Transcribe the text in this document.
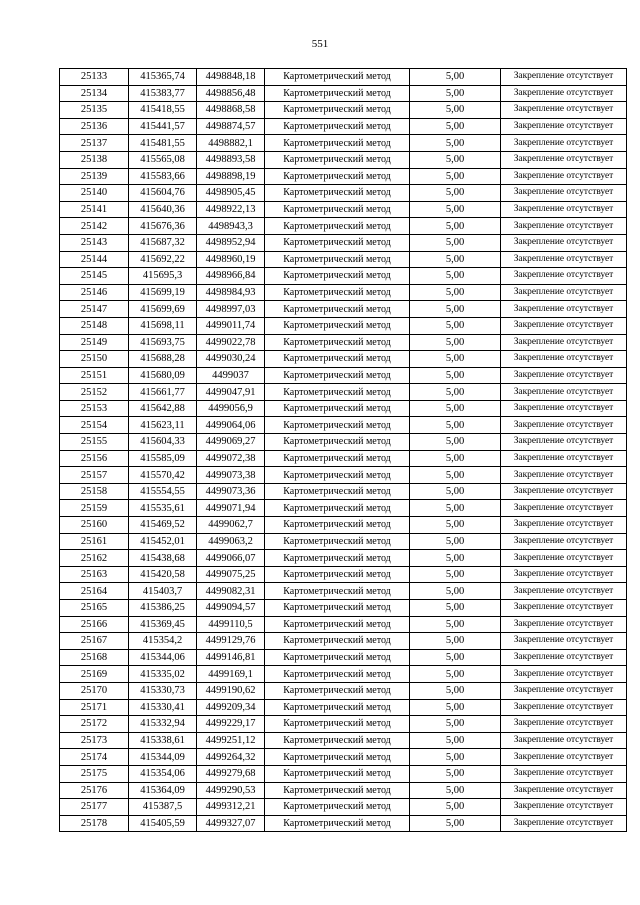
551
25133	415365,74	4498848,18	Картометрический метод	5,00	Закрепление отсутствует
25134	415383,77	4498856,48	Картометрический метод	5,00	Закрепление отсутствует
25135	415418,55	4498868,58	Картометрический метод	5,00	Закрепление отсутствует
25136	415441,57	4498874,57	Картометрический метод	5,00	Закрепление отсутствует
25137	415481,55	4498882,1	Картометрический метод	5,00	Закрепление отсутствует
25138	415565,08	4498893,58	Картометрический метод	5,00	Закрепление отсутствует
25139	415583,66	4498898,19	Картометрический метод	5,00	Закрепление отсутствует
25140	415604,76	4498905,45	Картометрический метод	5,00	Закрепление отсутствует
25141	415640,36	4498922,13	Картометрический метод	5,00	Закрепление отсутствует
25142	415676,36	4498943,3	Картометрический метод	5,00	Закрепление отсутствует
25143	415687,32	4498952,94	Картометрический метод	5,00	Закрепление отсутствует
25144	415692,22	4498960,19	Картометрический метод	5,00	Закрепление отсутствует
25145	415695,3	4498966,84	Картометрический метод	5,00	Закрепление отсутствует
25146	415699,19	4498984,93	Картометрический метод	5,00	Закрепление отсутствует
25147	415699,69	4498997,03	Картометрический метод	5,00	Закрепление отсутствует
25148	415698,11	4499011,74	Картометрический метод	5,00	Закрепление отсутствует
25149	415693,75	4499022,78	Картометрический метод	5,00	Закрепление отсутствует
25150	415688,28	4499030,24	Картометрический метод	5,00	Закрепление отсутствует
25151	415680,09	4499037	Картометрический метод	5,00	Закрепление отсутствует
25152	415661,77	4499047,91	Картометрический метод	5,00	Закрепление отсутствует
25153	415642,88	4499056,9	Картометрический метод	5,00	Закрепление отсутствует
25154	415623,11	4499064,06	Картометрический метод	5,00	Закрепление отсутствует
25155	415604,33	4499069,27	Картометрический метод	5,00	Закрепление отсутствует
25156	415585,09	4499072,38	Картометрический метод	5,00	Закрепление отсутствует
25157	415570,42	4499073,38	Картометрический метод	5,00	Закрепление отсутствует
25158	415554,55	4499073,36	Картометрический метод	5,00	Закрепление отсутствует
25159	415535,61	4499071,94	Картометрический метод	5,00	Закрепление отсутствует
25160	415469,52	4499062,7	Картометрический метод	5,00	Закрепление отсутствует
25161	415452,01	4499063,2	Картометрический метод	5,00	Закрепление отсутствует
25162	415438,68	4499066,07	Картометрический метод	5,00	Закрепление отсутствует
25163	415420,58	4499075,25	Картометрический метод	5,00	Закрепление отсутствует
25164	415403,7	4499082,31	Картометрический метод	5,00	Закрепление отсутствует
25165	415386,25	4499094,57	Картометрический метод	5,00	Закрепление отсутствует
25166	415369,45	4499110,5	Картометрический метод	5,00	Закрепление отсутствует
25167	415354,2	4499129,76	Картометрический метод	5,00	Закрепление отсутствует
25168	415344,06	4499146,81	Картометрический метод	5,00	Закрепление отсутствует
25169	415335,02	4499169,1	Картометрический метод	5,00	Закрепление отсутствует
25170	415330,73	4499190,62	Картометрический метод	5,00	Закрепление отсутствует
25171	415330,41	4499209,34	Картометрический метод	5,00	Закрепление отсутствует
25172	415332,94	4499229,17	Картометрический метод	5,00	Закрепление отсутствует
25173	415338,61	4499251,12	Картометрический метод	5,00	Закрепление отсутствует
25174	415344,09	4499264,32	Картометрический метод	5,00	Закрепление отсутствует
25175	415354,06	4499279,68	Картометрический метод	5,00	Закрепление отсутствует
25176	415364,09	4499290,53	Картометрический метод	5,00	Закрепление отсутствует
25177	415387,5	4499312,21	Картометрический метод	5,00	Закрепление отсутствует
25178	415405,59	4499327,07	Картометрический метод	5,00	Закрепление отсутствует
